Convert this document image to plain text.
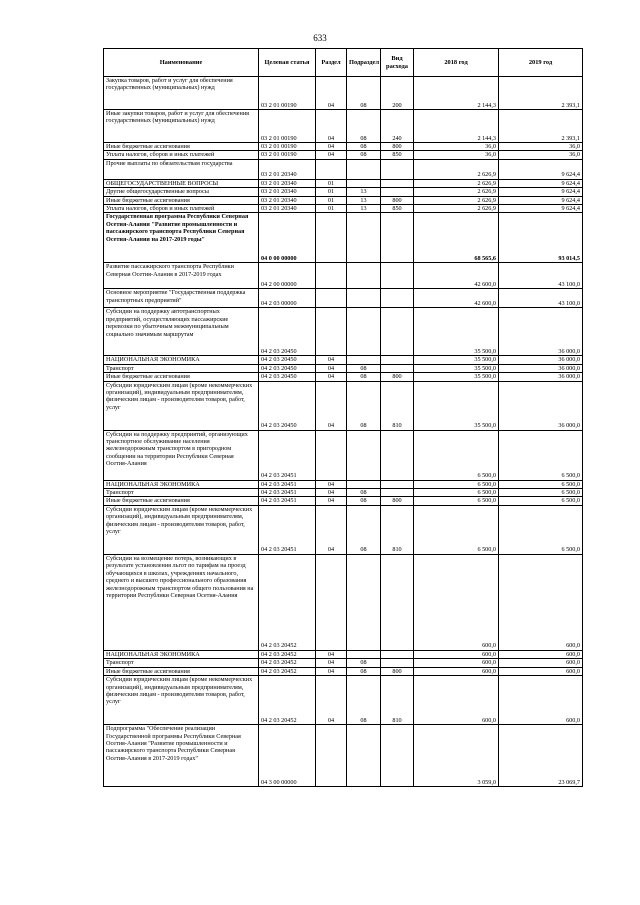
633
Наименование	Целевая статья	Раздел	Подраздел	Вид расхода	2018 год	2019 год
Закупка товаров, работ и услуг для обеспечения государственных (муниципальных) нужд	03 2 01 00190	04	08	200	2 144,3	2 393,1
Иные закупки товаров, работ и услуг для обеспечения государственных (муниципальных) нужд	03 2 01 00190	04	08	240	2 144,3	2 393,1
Иные бюджетные ассигнования	03 2 01 00190	04	08	800	36,0	36,0
Уплата налогов, сборов и иных платежей	03 2 01 00190	04	08	850	36,0	36,0
Прочие выплаты по обязательствам государства	03 2 01 20340				2 626,9	9 624,4
ОБЩЕГОСУДАРСТВЕННЫЕ ВОПРОСЫ	03 2 01 20340	01			2 626,9	9 624,4
Другие общегосударственные вопросы	03 2 01 20340	01	13		2 626,9	9 624,4
Иные бюджетные ассигнования	03 2 01 20340	01	13	800	2 626,9	9 624,4
Уплата налогов, сборов и иных платежей	03 2 01 20340	01	13	850	2 626,9	9 624,4
Государственная программа Республики Северная Осетия-Алания "Развитие промышленности и пассажирского транспорта Республики Северная Осетия-Алания на 2017-2019 годы"	04 0 00 00000				68 565,6	93 014,5
Развитие пассажирского транспорта Республики Северная Осетия-Алания в 2017-2019 годах	04 2 00 00000				42 600,0	43 100,0
Основное мероприятие "Государственная поддержка транспортных предприятий"	04 2 03 00000				42 600,0	43 100,0
Субсидии на поддержку автотранспортных предприятий, осуществляющих пассажирские перевозки по убыточным межмуниципальным социально значимым маршрутам	04 2 03 20450				35 500,0	36 000,0
НАЦИОНАЛЬНАЯ ЭКОНОМИКА	04 2 03 20450	04			35 500,0	36 000,0
Транспорт	04 2 03 20450	04	08		35 500,0	36 000,0
Иные бюджетные ассигнования	04 2 03 20450	04	08	800	35 500,0	36 000,0
Субсидии юридическим лицам (кроме некоммерческих организаций), индивидуальным предпринимателям, физическим лицам - производителям товаров, работ, услуг	04 2 03 20450	04	08	810	35 500,0	36 000,0
Субсидии на поддержку предприятий, организующих транспортное обслуживание населения железнодорожным транспортом в пригородном сообщении на территории Республики Северная Осетия-Алания	04 2 03 20451				6 500,0	6 500,0
НАЦИОНАЛЬНАЯ ЭКОНОМИКА	04 2 03 20451	04			6 500,0	6 500,0
Транспорт	04 2 03 20451	04	08		6 500,0	6 500,0
Иные бюджетные ассигнования	04 2 03 20451	04	08	800	6 500,0	6 500,0
Субсидии юридическим лицам (кроме некоммерческих организаций), индивидуальным предпринимателям, физическим лицам - производителям товаров, работ, услуг	04 2 03 20451	04	08	810	6 500,0	6 500,0
Субсидии на возмещение потерь, возникающих в результате установления льгот по тарифам на проезд обучающихся в школах, учреждениях начального, среднего и высшего профессионального образования железнодорожным транспортом общего пользования на территории Республики Северная Осетия-Алания	04 2 03 20452				600,0	600,0
НАЦИОНАЛЬНАЯ ЭКОНОМИКА	04 2 03 20452	04			600,0	600,0
Транспорт	04 2 03 20452	04	08		600,0	600,0
Иные бюджетные ассигнования	04 2 03 20452	04	08	800	600,0	600,0
Субсидии юридическим лицам (кроме некоммерческих организаций), индивидуальным предпринимателям, физическим лицам - производителям товаров, работ, услуг	04 2 03 20452	04	08	810	600,0	600,0
Подпрограмма "Обеспечение реализации Государственной программы Республики Северная Осетия-Алания "Развитие промышленности и пассажирского транспорта Республики Северная Осетия-Алания в 2017-2019 годах"	04 3 00 00000				3 059,0	23 069,7
